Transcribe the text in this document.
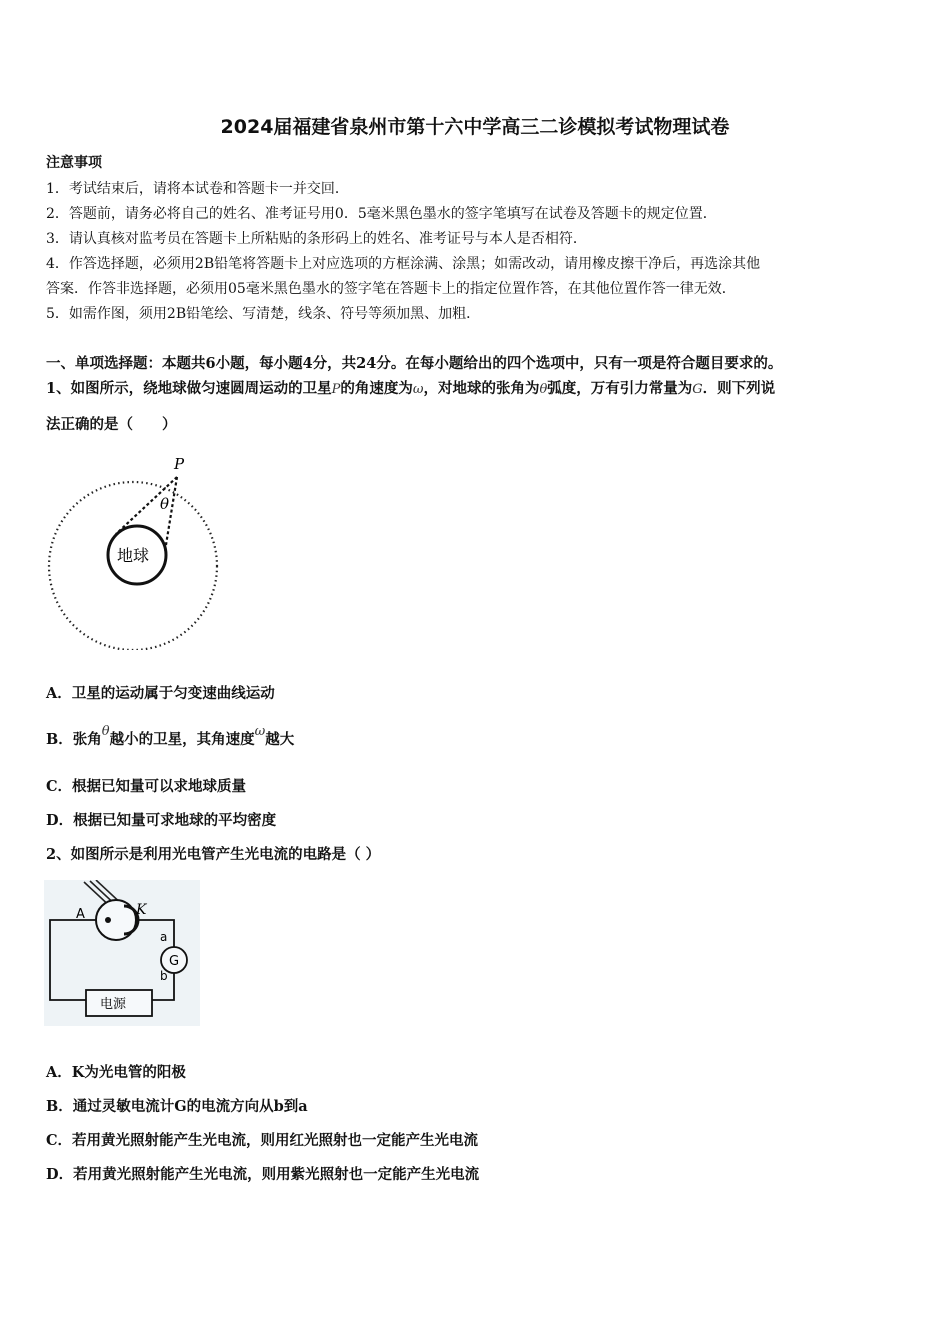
2024届福建省泉州市第十六中学高三二诊模拟考试物理试卷
注意事项
1．考试结束后，请将本试卷和答题卡一并交回．
2．答题前，请务必将自己的姓名、准考证号用0．5毫米黑色墨水的签字笔填写在试卷及答题卡的规定位置．
3．请认真核对监考员在答题卡上所粘贴的条形码上的姓名、准考证号与本人是否相符．
4．作答选择题，必须用2B铅笔将答题卡上对应选项的方框涂满、涂黑；如需改动，请用橡皮擦干净后，再选涂其他
答案．作答非选择题，必须用05毫米黑色墨水的签字笔在答题卡上的指定位置作答，在其他位置作答一律无效．
5．如需作图，须用2B铅笔绘、写清楚，线条、符号等须加黑、加粗．
一、单项选择题：本题共6小题，每小题4分，共24分。在每小题给出的四个选项中，只有一项是符合题目要求的。
1、如图所示，绕地球做匀速圆周运动的卫星P的角速度为ω，对地球的张角为θ弧度，万有引力常量为G．则下列说
法正确的是（　　）
P
θ
地球
A．卫星的运动属于匀变速曲线运动
B．张角θ越小的卫星，其角速度ω越大
C．根据已知量可以求地球质量
D．根据已知量可求地球的平均密度
2、如图所示是利用光电管产生光电流的电路是（ ）
A	K
a
b
G
电源
A．K为光电管的阳极
B．通过灵敏电流计G的电流方向从b到a
C．若用黄光照射能产生光电流，则用红光照射也一定能产生光电流
D．若用黄光照射能产生光电流，则用紫光照射也一定能产生光电流
